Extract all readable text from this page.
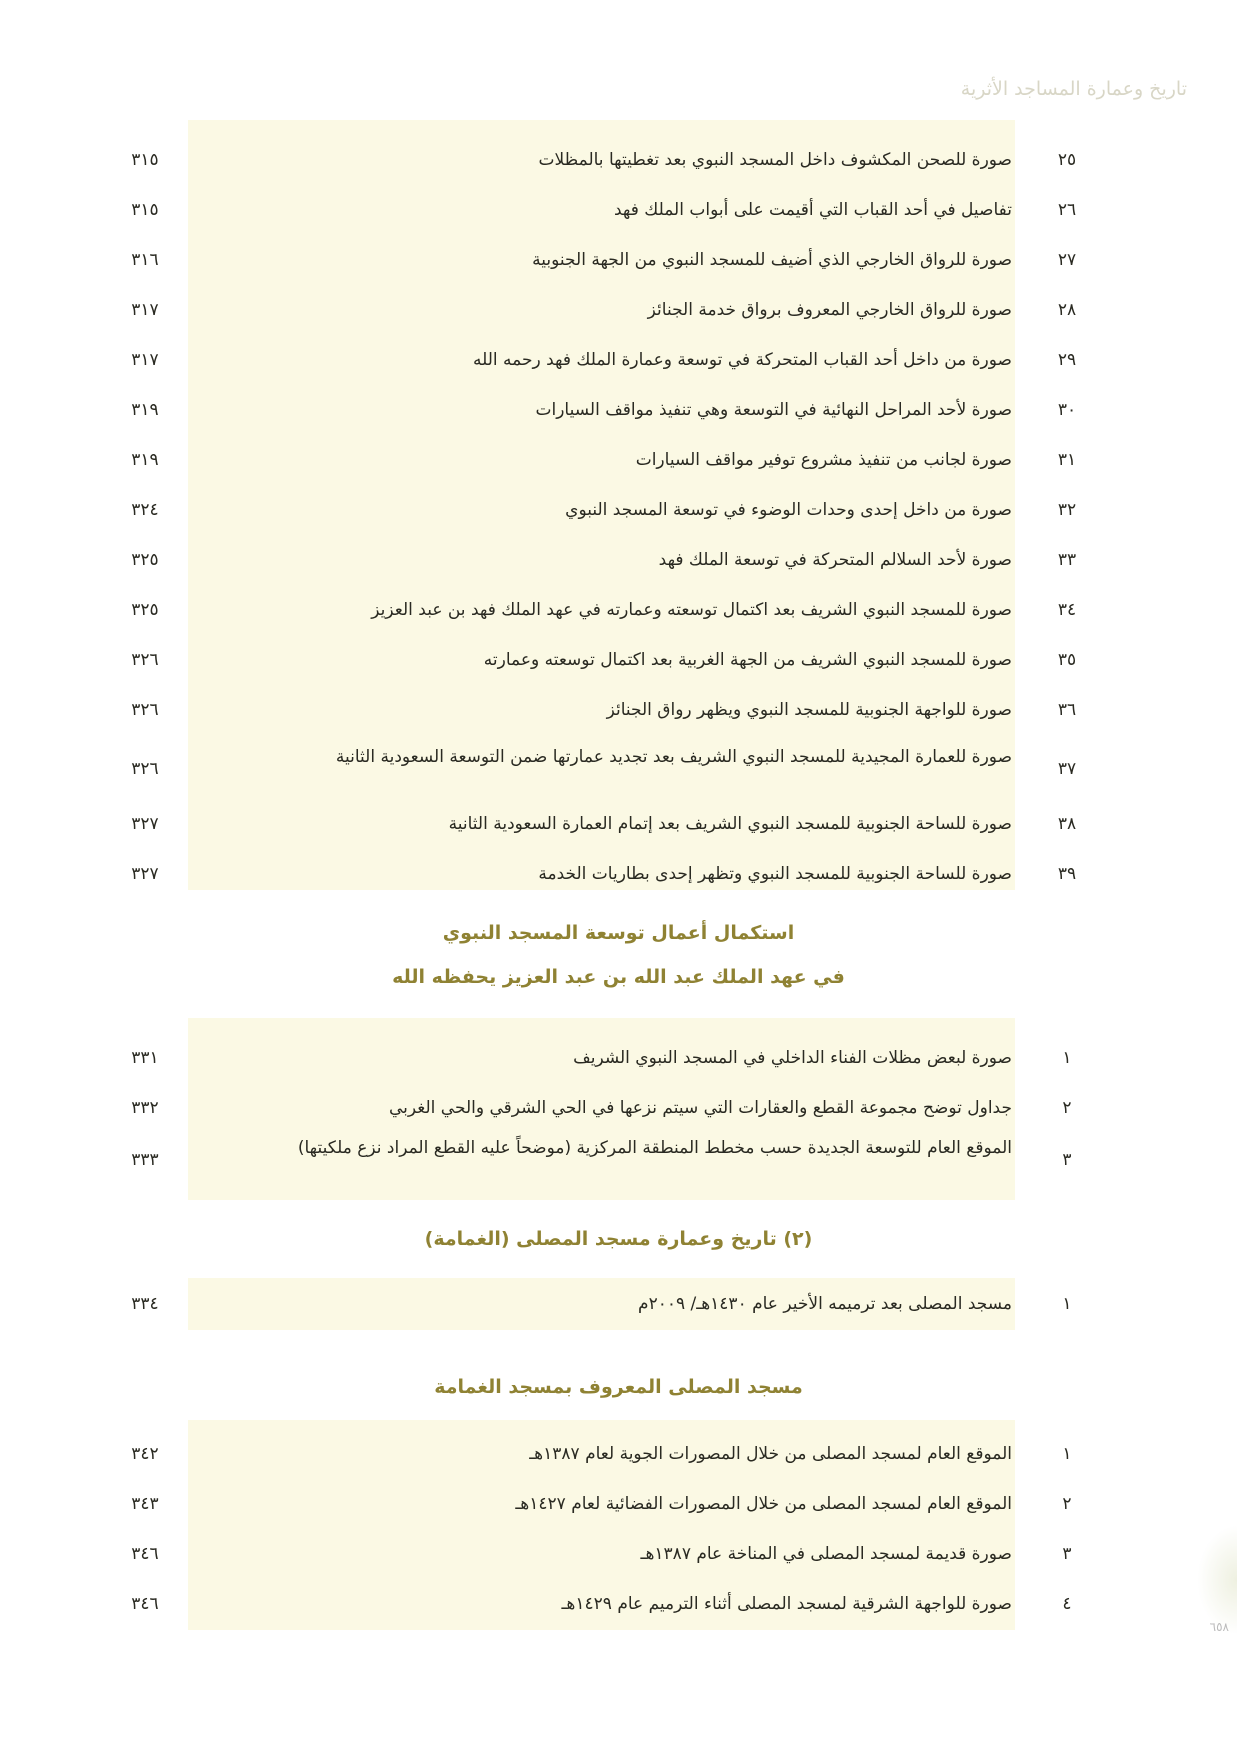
تاريخ وعمارة المساجد الأثرية
٢٥
صورة للصحن المكشوف داخل المسجد النبوي بعد تغطيتها بالمظلات
٣١٥
٢٦
تفاصيل في أحد القباب التي أقيمت على أبواب الملك فهد
٣١٥
٢٧
صورة للرواق الخارجي الذي أضيف للمسجد النبوي من الجهة الجنوبية
٣١٦
٢٨
صورة للرواق الخارجي المعروف برواق خدمة الجنائز
٣١٧
٢٩
صورة من داخل أحد القباب المتحركة في توسعة وعمارة الملك فهد رحمه الله
٣١٧
٣٠
صورة لأحد المراحل النهائية في التوسعة وهي تنفيذ مواقف السيارات
٣١٩
٣١
صورة لجانب من تنفيذ مشروع توفير مواقف السيارات
٣١٩
٣٢
صورة من داخل إحدى وحدات الوضوء في توسعة المسجد النبوي
٣٢٤
٣٣
صورة لأحد السلالم المتحركة في توسعة الملك فهد
٣٢٥
٣٤
صورة للمسجد النبوي الشريف بعد اكتمال توسعته وعمارته في عهد الملك فهد بن عبد العزيز
٣٢٥
٣٥
صورة للمسجد النبوي الشريف من الجهة الغربية بعد اكتمال توسعته وعمارته
٣٢٦
٣٦
صورة للواجهة الجنوبية للمسجد النبوي ويظهر رواق الجنائز
٣٢٦
٣٧
صورة للعمارة المجيدية للمسجد النبوي الشريف بعد تجديد عمارتها ضمن التوسعة السعودية الثانية
٣٢٦
٣٨
صورة للساحة الجنوبية للمسجد النبوي الشريف بعد إتمام العمارة السعودية الثانية
٣٢٧
٣٩
صورة للساحة الجنوبية للمسجد النبوي وتظهر إحدى بطاريات الخدمة
٣٢٧
استكمال أعمال توسعة المسجد النبوي
في عهد الملك عبد الله بن عبد العزيز يحفظه الله
١
صورة لبعض مظلات الفناء الداخلي في المسجد النبوي الشريف
٣٣١
٢
جداول توضح مجموعة القطع والعقارات التي سيتم نزعها في الحي الشرقي والحي الغربي
٣٣٢
٣
الموقع العام للتوسعة الجديدة حسب مخطط المنطقة المركزية (موضحاً عليه القطع المراد نزع ملكيتها)
٣٣٣
(٢) تاريخ وعمارة مسجد المصلى (الغمامة)
١
مسجد المصلى بعد ترميمه الأخير عام ١٤٣٠هـ/ ٢٠٠٩م
٣٣٤
مسجد المصلى المعروف بمسجد الغمامة
١
الموقع العام لمسجد المصلى من خلال المصورات الجوية لعام ١٣٨٧هـ
٣٤٢
٢
الموقع العام لمسجد المصلى من خلال المصورات الفضائية لعام ١٤٢٧هـ
٣٤٣
٣
صورة قديمة لمسجد المصلى في المناخة عام ١٣٨٧هـ
٣٤٦
٤
صورة للواجهة الشرقية لمسجد المصلى أثناء الترميم عام ١٤٢٩هـ
٣٤٦
٦٥٨
